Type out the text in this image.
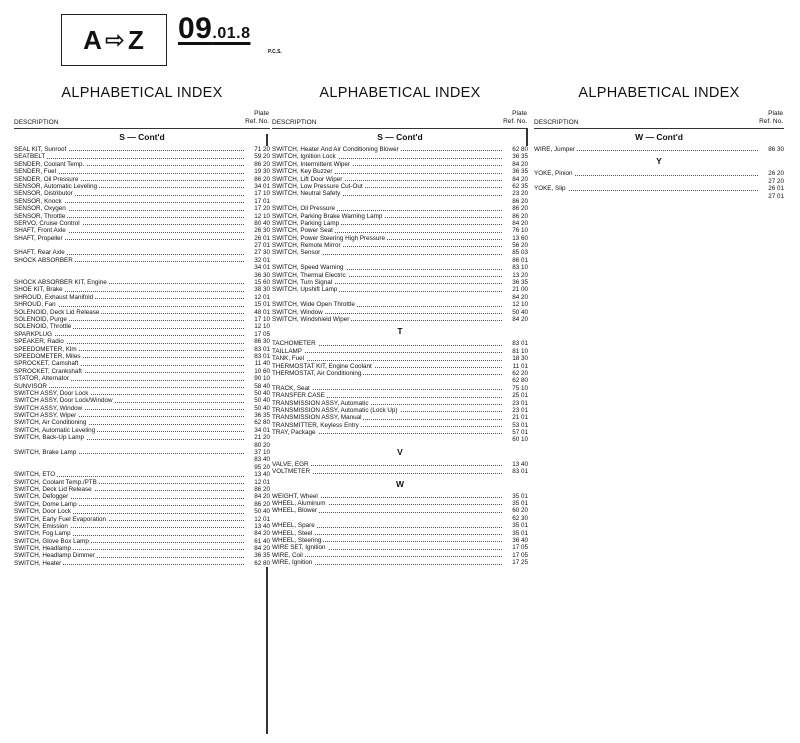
A ⇨ Z 09.01.8
P.C.S.
ALPHABETICAL INDEX
DESCRIPTION
Plate
Ref. No.
S — Cont'd
SEAL KIT, Sunroof	71 20
SEATBELT	59 20
SENDER, Coolant Temp.	86 20
SENDER, Fuel	19 30
SENDER, Oil Pressure	86 20
SENSOR, Automatic Leveling	34 01
SENSOR, Distributor	17 10
SENSOR, Knock	17 01
SENSOR, Oxygen	17 20
SENSOR, Throttle	12 10
SERVO, Cruise Control	80 40
SHAFT, Front Axle	26 30
SHAFT, Propeller	26 01
27 01
SHAFT, Rear Axle	27 30
SHOCK ABSORBER	32 01
34 01
36 30
SHOCK ABSORBER KIT, Engine	15 60
SHOE KIT, Brake	38 30
SHROUD, Exhaust Manifold	12 01
SHROUD, Fan	15 01
SOLENOID, Deck Lid Release	48 01
SOLENOID, Purge	17 10
SOLENOID, Throttle	12 10
SPARKPLUG	17 05
SPEAKER, Radio	86 30
SPEEDOMETER, Klm	83 01
SPEEDOMETER, Miles	83 01
SPROCKET, Camshaft	11 40
SPROCKET, Crankshaft	10 60
STATOR, Alternator	90 10
SUNVISOR	58 40
SWITCH ASSY, Door Lock	50 40
SWITCH ASSY, Door Lock/Window	50 40
SWITCH ASSY, Window	50 40
SWITCH ASSY, Wiper	36 35
SWITCH, Air Conditioning	62 80
SWITCH, Automatic Leveling	34 01
SWITCH, Back-Up Lamp	21 20
80 20
SWITCH, Brake Lamp	37 10
83 40
95 20
SWITCH, ETO	13 40
SWITCH, Coolant Temp./PTB	12 01
SWITCH, Deck Lid Release	86 20
SWITCH, Defogger	84 20
SWITCH, Dome Lamp	86 20
SWITCH, Door Lock	50 40
SWITCH, Early Fuel Evaporation	12 01
SWITCH, Emission	13 40
SWITCH, Fog Lamp	84 20
SWITCH, Glove Box Lamp	61 40
SWITCH, Headlamp	84 20
SWITCH, Headlamp Dimmer	36 35
SWITCH, Heater	62 80
ALPHABETICAL INDEX
DESCRIPTION
Plate
Ref. No.
S — Cont'd
SWITCH, Heater And Air Conditioning Blower	62 80
SWITCH, Ignition Lock	36 35
SWITCH, Intermittent Wiper	84 20
SWITCH, Key Buzzer	36 35
SWITCH, Lift Door Wiper	84 20
SWITCH, Low Pressure Cut-Out	62 35
SWITCH, Neutral Safety	23 20
86 20
SWITCH, Oil Pressure	86 20
SWITCH, Parking Brake Warning Lamp	86 20
SWITCH, Parking Lamp	84 20
SWITCH, Power Seat	76 10
SWITCH, Power Steering High Pressure	13 60
SWITCH, Remote Mirror	56 20
SWITCH, Sensor	85 03
86 01
SWITCH, Speed Warning	83 10
SWITCH, Thermal Electric	13 20
SWITCH, Turn Signal	36 35
SWITCH, Upshift Lamp	21 00
84 20
SWITCH, Wide Open Throttle	12 10
SWITCH, Window	50 40
SWITCH, Windshield Wiper	84 20
T
TACHOMETER	83 01
TAILLAMP	81 10
TANK, Fuel	18 30
THERMOSTAT KIT, Engine Coolant	11 01
THERMOSTAT, Air Conditioning	62 20
62 80
TRACK, Seat	75 10
TRANSFER CASE	25 01
TRANSMISSION ASSY, Automatic	23 01
TRANSMISSION ASSY, Automatic (Lock Up)	23 01
TRANSMISSION ASSY, Manual	21 01
TRANSMITTER, Keyless Entry	53 01
TRAY, Package	57 01
60 10
V
VALVE, EGR	13 40
VOLTMETER	83 01
W
WEIGHT, Wheel	35 01
WHEEL, Aluminum	35 01
WHEEL, Blower	60 20
62 30
WHEEL, Spare	35 01
WHEEL, Steel	35 01
WHEEL, Steering	36 40
WIRE SET, Ignition	17 05
WIRE, Coil	17 05
WIRE, Ignition	17 25
ALPHABETICAL INDEX
DESCRIPTION
Plate
Ref. No.
W — Cont'd
WIRE, Jumper	86 30
Y
YOKE, Pinion	26 20
27 20
YOKE, Slip	26 01
27 01
